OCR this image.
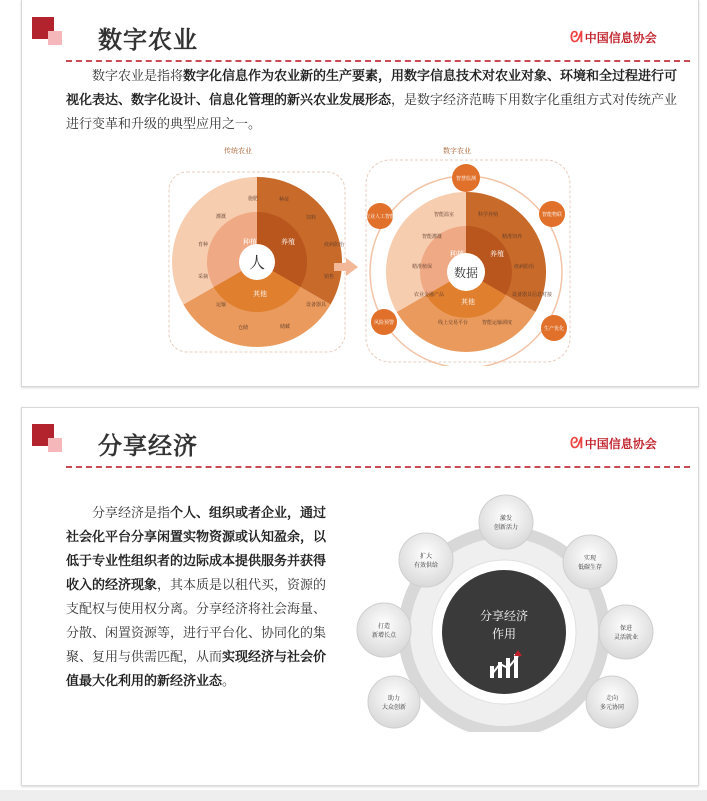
数字农业	ᘛ 中国信息协会
数字农业是指将数字化信息作为农业新的生产要素，用数字信息技术对农业对象、环境和全过程进行可视化表达、数字化设计、信息化管理的新兴农业发展形态，是数字经济范畴下用数字化重组方式对传统产业进行变革和升级的典型应用之一。
传统农业
人
种植	养殖
其他
施肥	种苗
灌溉	饲料
育种	疫病防治
采摘	销售
运输	设备器具
储藏
仓储
数字农业
数据
种植	养殖
其他
智能温室	科学养殖
智能灌溉	精准饲养
精准植保	疫病防治
农业金融产品	设备器具信息对接
线上交易平台	智能运输调度
智慧监测
智能物联
农业人工智能
风险预警
生产优化
分享经济	ᘛ 中国信息协会
分享经济是指个人、组织或者企业，通过社会化平台分享闲置实物资源或认知盈余，以低于专业性组织者的边际成本提供服务并获得收入的经济现象，其本质是以租代买，资源的支配权与使用权分离。分享经济将社会海量、分散、闲置资源等，进行平台化、协同化的集聚、复用与供需匹配，从而实现经济与社会价值最大化利用的新经济业态。
分享经济
作用
激发
创新活力
实现
低碳生存
保进
灵活就业
走向
多元协同
助力
大众创新
打造
新增长点
扩大
有效供给
